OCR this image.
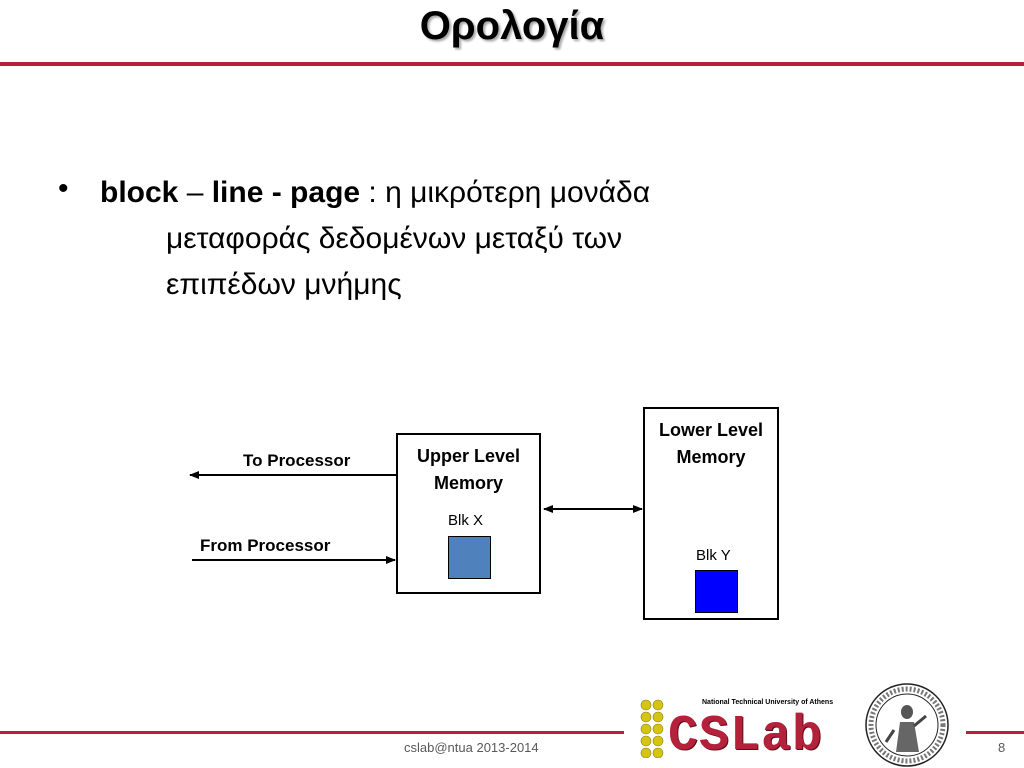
Ορολογία
• block – line - page : η μικρότερη μονάδα
μεταφοράς δεδομένων μεταξύ των
επιπέδων μνήμης
To Processor
From Processor
Upper Level
Memory
Blk X
Lower Level
Memory
Blk Y
cslab@ntua 2013-2014	8
National Technical University of Athens
CSLab
